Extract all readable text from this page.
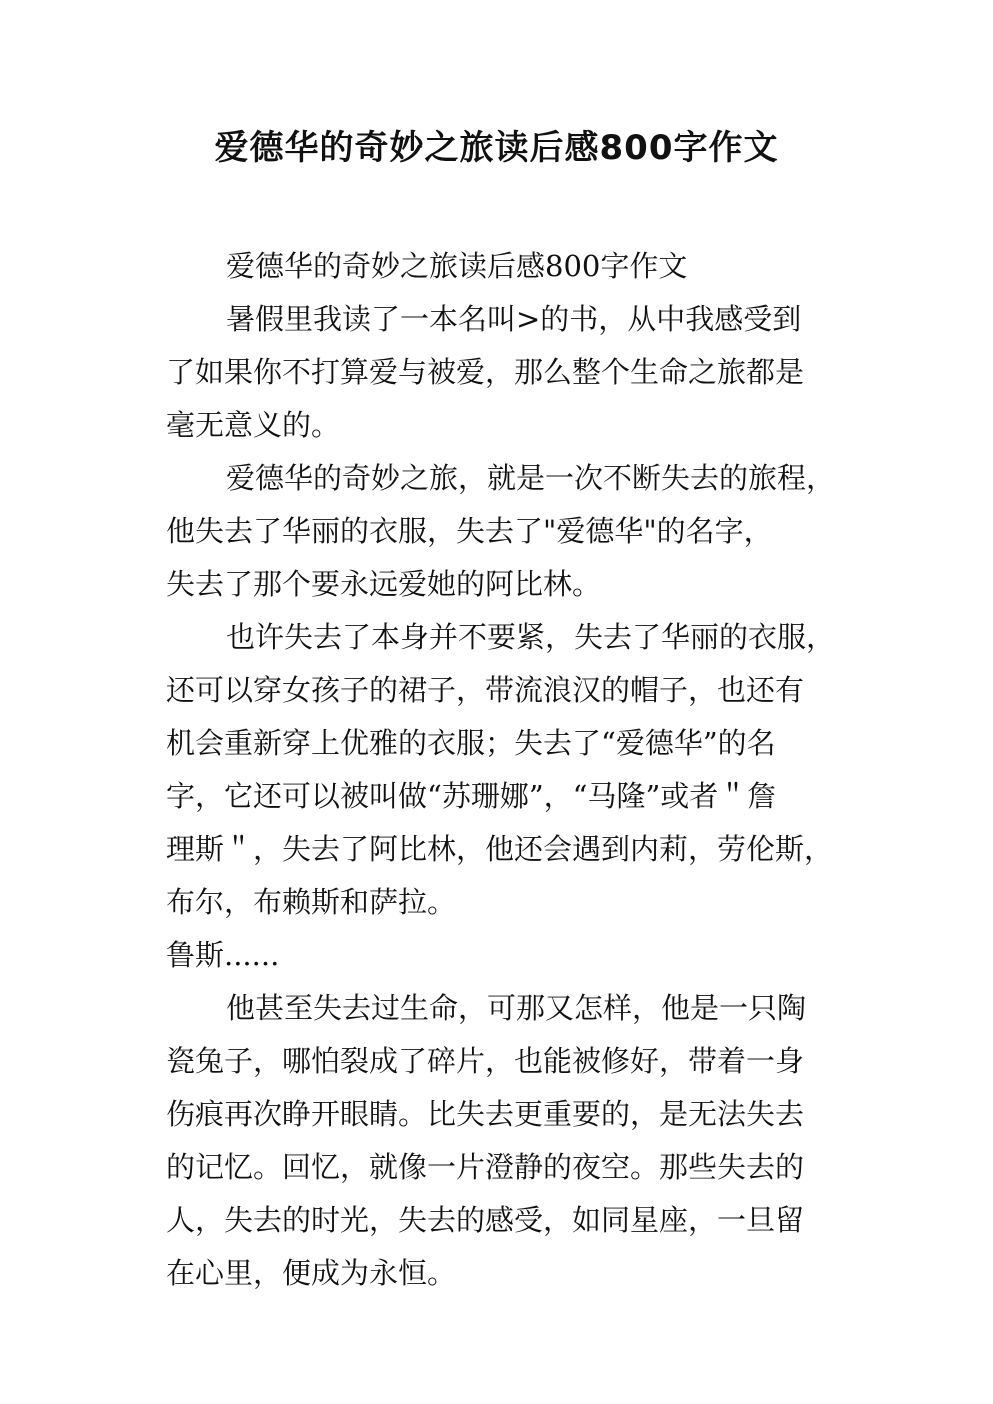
爱德华的奇妙之旅读后感800字作文

爱德华的奇妙之旅读后感800字作文

暑假里我读了一本名叫>的书，从中我感受到

了如果你不打算爱与被爱，那么整个生命之旅都是

毫无意义的。

爱德华的奇妙之旅，就是一次不断失去的旅程，

他失去了华丽的衣服，失去了"爱德华"的名字，

失去了那个要永远爱她的阿比林。

也许失去了本身并不要紧，失去了华丽的衣服，

还可以穿女孩子的裙子，带流浪汉的帽子，也还有

机会重新穿上优雅的衣服；失去了“爱德华”的名

字，它还可以被叫做“苏珊娜”，“马隆”或者＂詹

理斯＂，失去了阿比林，他还会遇到内莉，劳伦斯，

布尔，布赖斯和萨拉。

鲁斯......

他甚至失去过生命，可那又怎样，他是一只陶

瓷兔子，哪怕裂成了碎片，也能被修好，带着一身

伤痕再次睁开眼睛。比失去更重要的，是无法失去

的记忆。回忆，就像一片澄静的夜空。那些失去的

人，失去的时光，失去的感受，如同星座，一旦留

在心里，便成为永恒。
